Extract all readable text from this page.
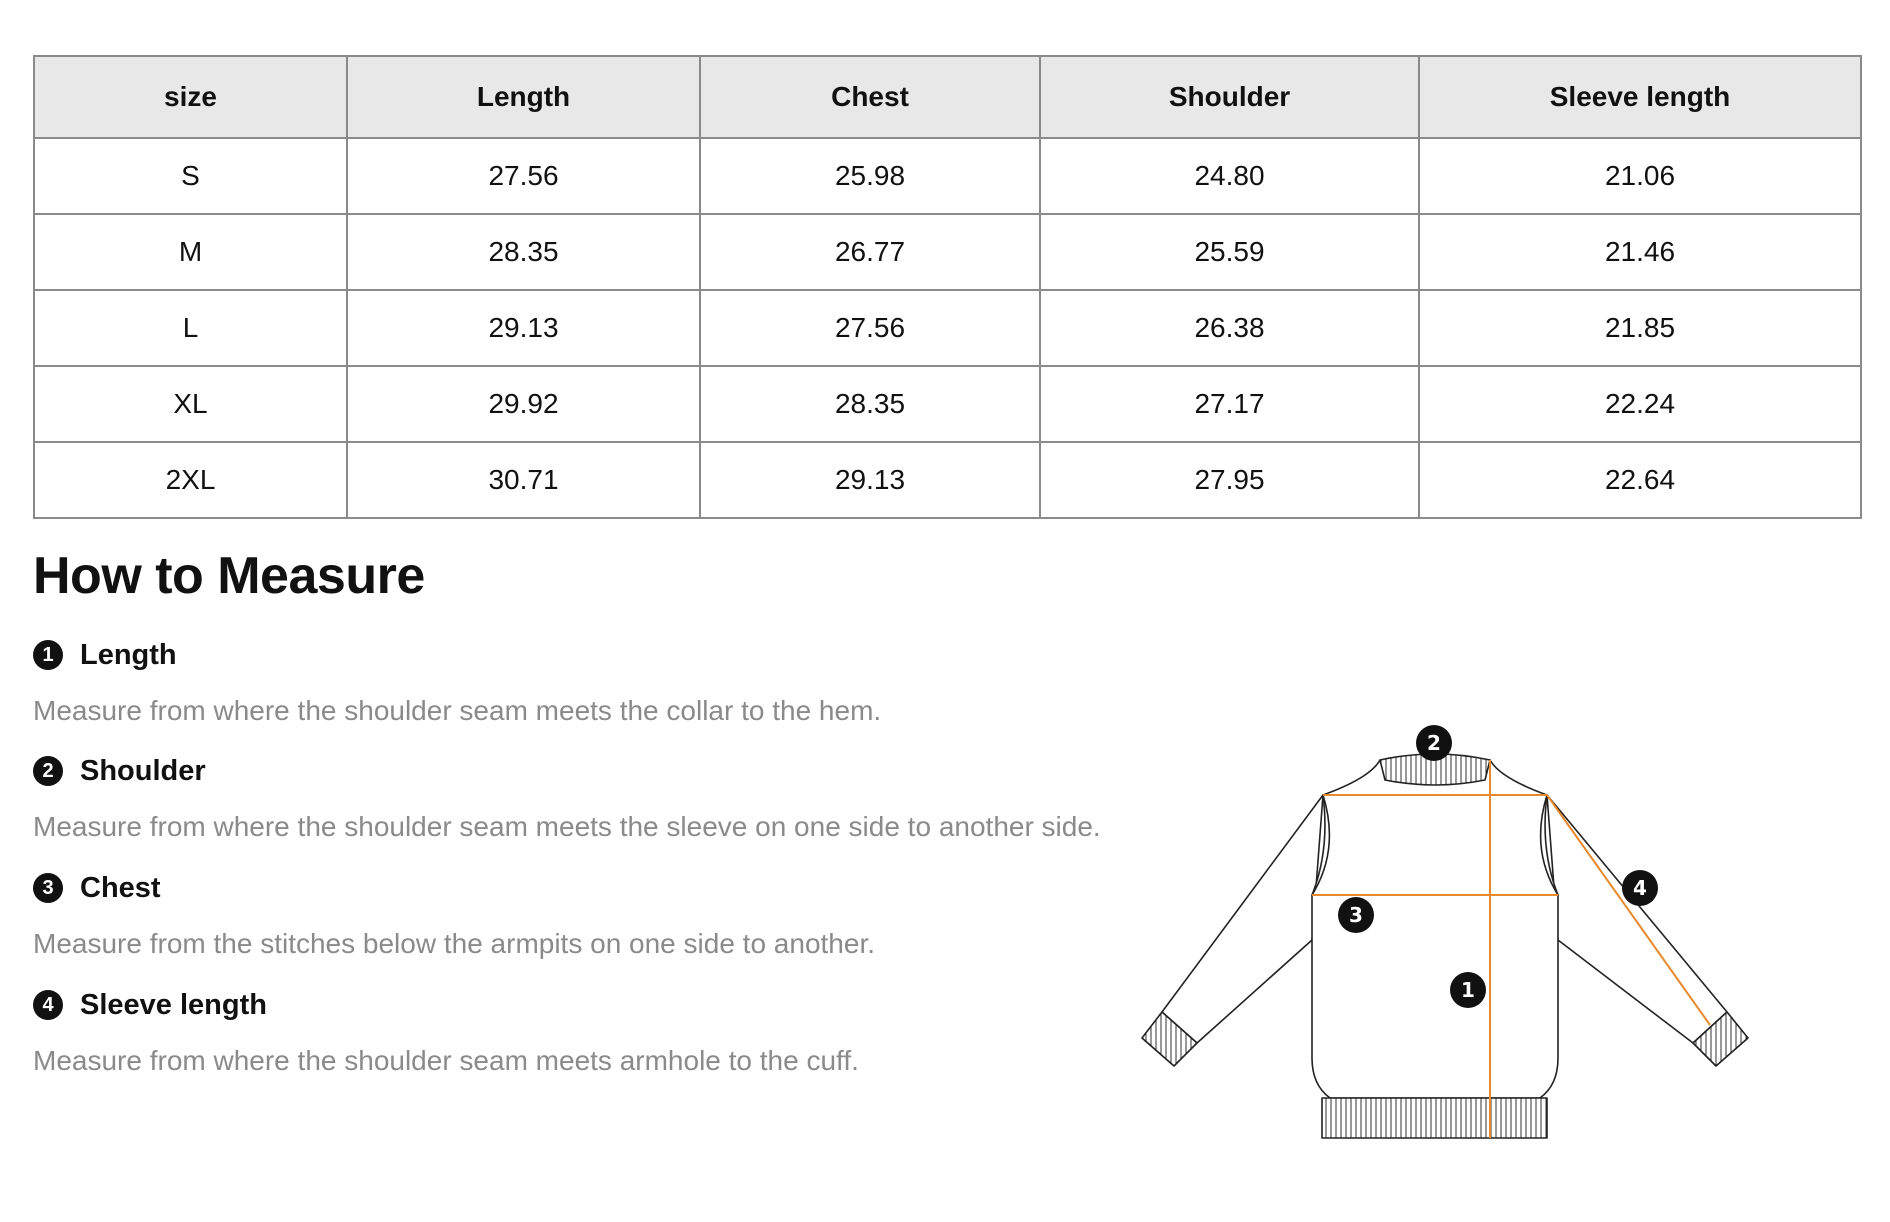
size	Length	Chest	Shoulder	Sleeve length
S	27.56	25.98	24.80	21.06
M	28.35	26.77	25.59	21.46
L	29.13	27.56	26.38	21.85
XL	29.92	28.35	27.17	22.24
2XL	30.71	29.13	27.95	22.64
How to Measure
1 Length
Measure from where the shoulder seam meets the collar to the hem.
2 Shoulder
Measure from where the shoulder seam meets the sleeve on one side to another side.
3 Chest
Measure from the stitches below the armpits on one side to another.
4 Sleeve length
Measure from where the shoulder seam meets armhole to the cuff.
1
2
3
4
